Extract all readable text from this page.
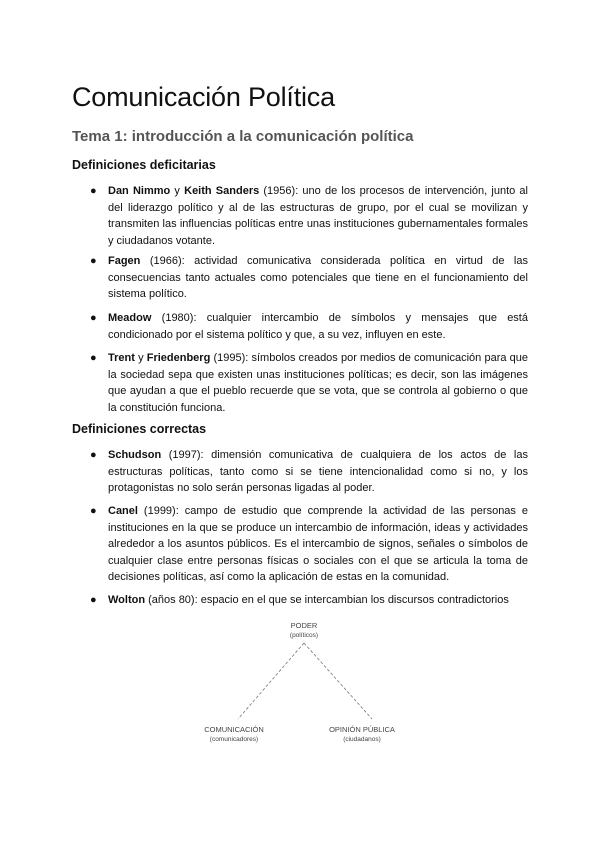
Comunicación Política
Tema 1: introducción a la comunicación política
Definiciones deficitarias
● Dan Nimmo y Keith Sanders (1956): uno de los procesos de intervención, junto al del liderazgo político y al de las estructuras de grupo, por el cual se movilizan y transmiten las influencias políticas entre unas instituciones gubernamentales formales y ciudadanos votante.
● Fagen (1966): actividad comunicativa considerada política en virtud de las consecuencias tanto actuales como potenciales que tiene en el funcionamiento del sistema político.
● Meadow (1980): cualquier intercambio de símbolos y mensajes que está condicionado por el sistema político y que, a su vez, influyen en este.
● Trent y Friedenberg (1995): símbolos creados por medios de comunicación para que la sociedad sepa que existen unas instituciones políticas; es decir, son las imágenes que ayudan a que el pueblo recuerde que se vota, que se controla al gobierno o que la constitución funciona.
Definiciones correctas
● Schudson (1997): dimensión comunicativa de cualquiera de los actos de las estructuras políticas, tanto como si se tiene intencionalidad como si no, y los protagonistas no solo serán personas ligadas al poder.
● Canel (1999): campo de estudio que comprende la actividad de las personas e instituciones en la que se produce un intercambio de información, ideas y actividades alrededor a los asuntos públicos. Es el intercambio de signos, señales o símbolos de cualquier clase entre personas físicas o sociales con el que se articula la toma de decisiones políticas, así como la aplicación de estas en la comunidad.
● Wolton (años 80): espacio en el que se intercambian los discursos contradictorios
PODER
(políticos)
COMUNICACIÓN
(comunicadores)
OPINIÓN PÚBLICA
(ciudadanos)
